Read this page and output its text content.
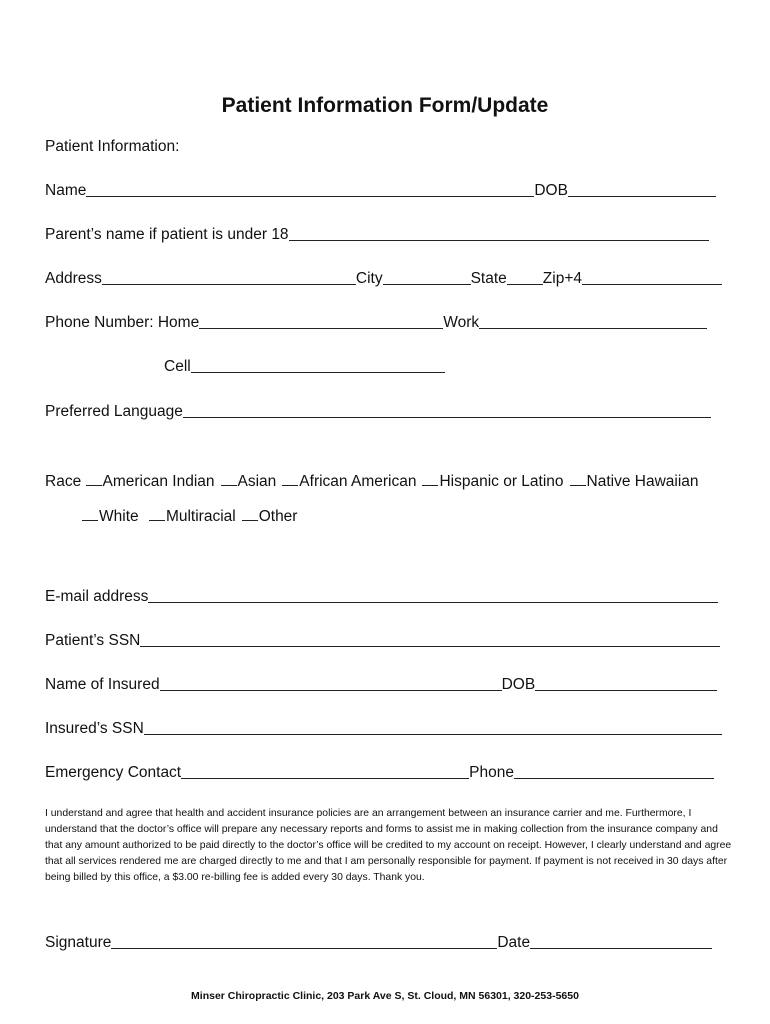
Patient Information Form/Update
Patient Information:
Name	DOB
Parent’s name if patient is under 18
Address	City	State Zip+4
Phone Number: Home	Work
Cell
Preferred Language
Race American Indian Asian African American Hispanic or Latino Native Hawaiian
White Multiracial Other
E-mail address
Patient’s SSN
Name of Insured	DOB
Insured’s SSN
Emergency Contact	Phone
I understand and agree that health and accident insurance policies are an arrangement between an insurance carrier and me. Furthermore, I understand that the doctor’s office will prepare any necessary reports and forms to assist me in making collection from the insurance company and that any amount authorized to be paid directly to the doctor’s office will be credited to my account on receipt. However, I clearly understand and agree that all services rendered me are charged directly to me and that I am personally responsible for payment. If payment is not received in 30 days after being billed by this office, a $3.00 re-billing fee is added every 30 days. Thank you.
Signature	Date
Minser Chiropractic Clinic, 203 Park Ave S, St. Cloud, MN 56301, 320-253-5650
